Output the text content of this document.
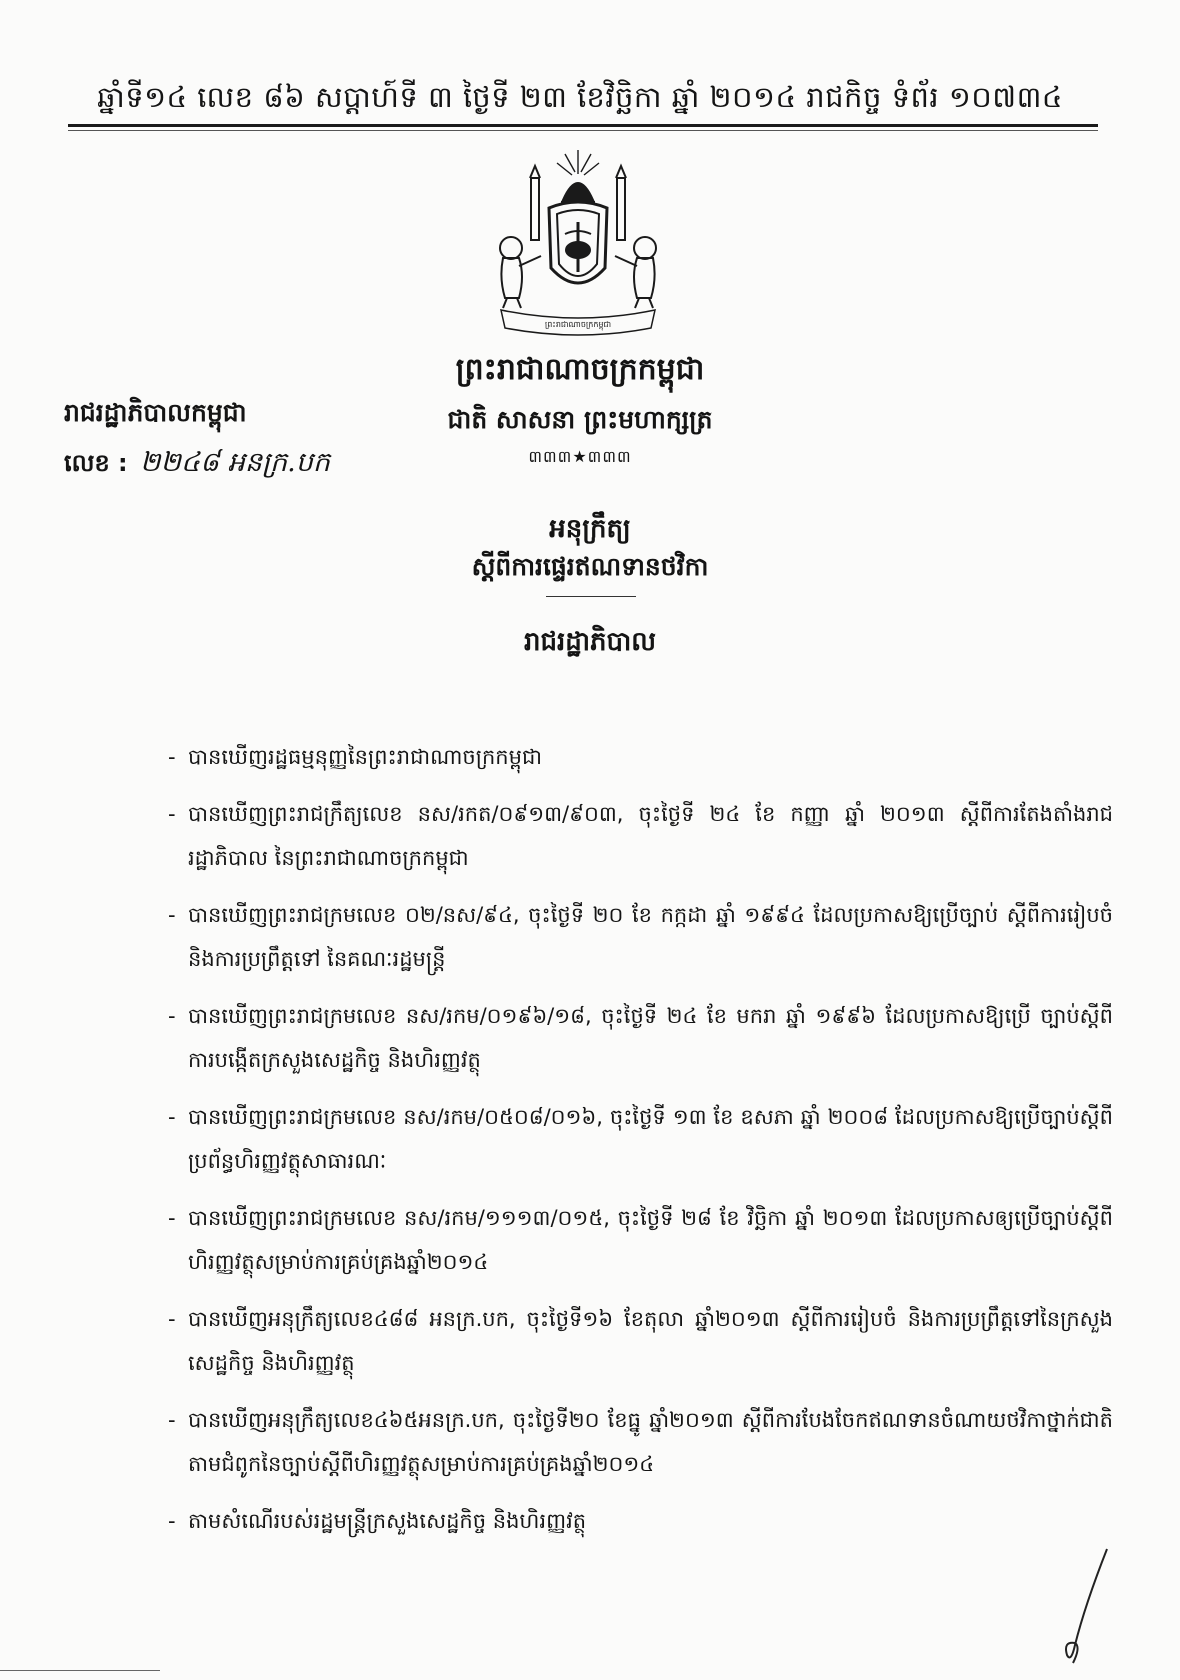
ឆ្នាំទី១៤ លេខ ៨៦ សប្តាហ៍ទី ៣ ថ្ងៃទី ២៣ ខែវិច្ឆិកា ឆ្នាំ ២០១៤ រាជកិច្ច ទំព័រ ១០៧៣៤
ព្រះរាជាណាចក្រកម្ពុជា
ព្រះរាជាណាចក្រកម្ពុជា
ជាតិ សាសនា ព្រះមហាក្សត្រ
៣៣៣★៣៣៣
រាជរដ្ឋាភិបាលកម្ពុជា
លេខ : ២២៤៨ អនក្រ.បក
អនុក្រឹត្យ
ស្តីពីការផ្ទេរឥណទានថវិកា
រាជរដ្ឋាភិបាល
- បានឃើញរដ្ឋធម្មនុញ្ញនៃព្រះរាជាណាចក្រកម្ពុជា
- បានឃើញព្រះរាជក្រឹត្យលេខ នស/រកត/០៩១៣/៩០៣, ចុះថ្ងៃទី ២៤ ខែ កញ្ញា ឆ្នាំ ២០១៣ ស្តីពីការតែងតាំងរាជរដ្ឋាភិបាល នៃព្រះរាជាណាចក្រកម្ពុជា
- បានឃើញព្រះរាជក្រមលេខ ០២/នស/៩៤, ចុះថ្ងៃទី ២០ ខែ កក្កដា ឆ្នាំ ១៩៩៤ ដែលប្រកាសឱ្យប្រើច្បាប់ ស្តីពីការរៀបចំ និងការប្រព្រឹត្តទៅ នៃគណៈរដ្ឋមន្ត្រី
- បានឃើញព្រះរាជក្រមលេខ នស/រកម/០១៩៦/១៨, ចុះថ្ងៃទី ២៤ ខែ មករា ឆ្នាំ ១៩៩៦ ដែលប្រកាសឱ្យប្រើ ច្បាប់ស្តីពីការបង្កើតក្រសួងសេដ្ឋកិច្ច និងហិរញ្ញវត្ថុ
- បានឃើញព្រះរាជក្រមលេខ នស/រកម/០៥០៨/០១៦, ចុះថ្ងៃទី ១៣ ខែ ឧសភា ឆ្នាំ ២០០៨ ដែលប្រកាសឱ្យប្រើច្បាប់ស្តីពីប្រព័ន្ធហិរញ្ញវត្ថុសាធារណៈ
- បានឃើញព្រះរាជក្រមលេខ នស/រកម/១១១៣/០១៥, ចុះថ្ងៃទី ២៨ ខែ វិច្ឆិកា ឆ្នាំ ២០១៣ ដែលប្រកាសឲ្យប្រើច្បាប់ស្តីពី ហិរញ្ញវត្ថុសម្រាប់ការគ្រប់គ្រងឆ្នាំ២០១៤
- បានឃើញអនុក្រឹត្យលេខ៤៨៨ អនក្រ.បក, ចុះថ្ងៃទី១៦ ខែតុលា ឆ្នាំ២០១៣ ស្តីពីការរៀបចំ និងការប្រព្រឹត្តទៅនៃក្រសួងសេដ្ឋកិច្ច និងហិរញ្ញវត្ថុ
- បានឃើញអនុក្រឹត្យលេខ៤៦៥អនក្រ.បក, ចុះថ្ងៃទី២០ ខែធ្នូ ឆ្នាំ២០១៣ ស្តីពីការបែងចែកឥណទានចំណាយថវិកាថ្នាក់ជាតិតាមជំពូកនៃច្បាប់ស្តីពីហិរញ្ញវត្ថុសម្រាប់ការគ្រប់គ្រងឆ្នាំ២០១៤
- តាមសំណើរបស់រដ្ឋមន្ត្រីក្រសួងសេដ្ឋកិច្ច និងហិរញ្ញវត្ថុ
